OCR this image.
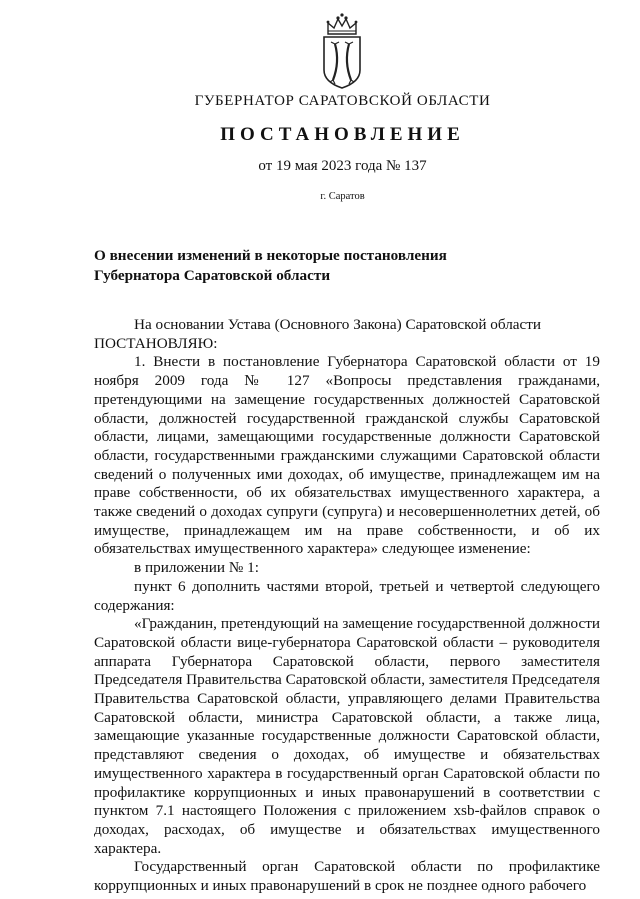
ГУБЕРНАТОР САРАТОВСКОЙ ОБЛАСТИ
ПОСТАНОВЛЕНИЕ
от 19 мая 2023 года № 137
г. Саратов
О внесении изменений в некоторые постановления
Губернатора Саратовской области

На основании Устава (Основного Закона) Саратовской области

ПОСТАНОВЛЯЮ:

1. Внести в постановление Губернатора Саратовской области от 19 ноября 2009 года № 127 «Вопросы представления гражданами, претендующими на замещение государственных должностей Саратовской области, должностей государственной гражданской службы Саратовской области, лицами, замещающими государственные должности Саратовской области, государственными гражданскими служащими Саратовской области сведений о полученных ими доходах, об имуществе, принадлежащем им на праве собственности, об их обязательствах имущественного характера, а также сведений о доходах супруги (супруга) и несовершеннолетних детей, об имуществе, принадлежащем им на праве собственности, и об их обязательствах имущественного характера» следующее изменение:

в приложении № 1:

пункт 6 дополнить частями второй, третьей и четвертой следующего содержания:

«Гражданин, претендующий на замещение государственной должности Саратовской области вице-губернатора Саратовской области – руководителя аппарата Губернатора Саратовской области, первого заместителя Председателя Правительства Саратовской области, заместителя Председателя Правительства Саратовской области, управляющего делами Правительства Саратовской области, министра Саратовской области, а также лица, замещающие указанные государственные должности Саратовской области, представляют сведения о доходах, об имуществе и обязательствах имущественного характера в государственный орган Саратовской области по профилактике коррупционных и иных правонарушений в соответствии с пунктом 7.1 настоящего Положения с приложением xsb-файлов справок о доходах, расходах, об имуществе и обязательствах имущественного характера.

Государственный орган Саратовской области по профилактике коррупционных и иных правонарушений в срок не позднее одного рабочего
